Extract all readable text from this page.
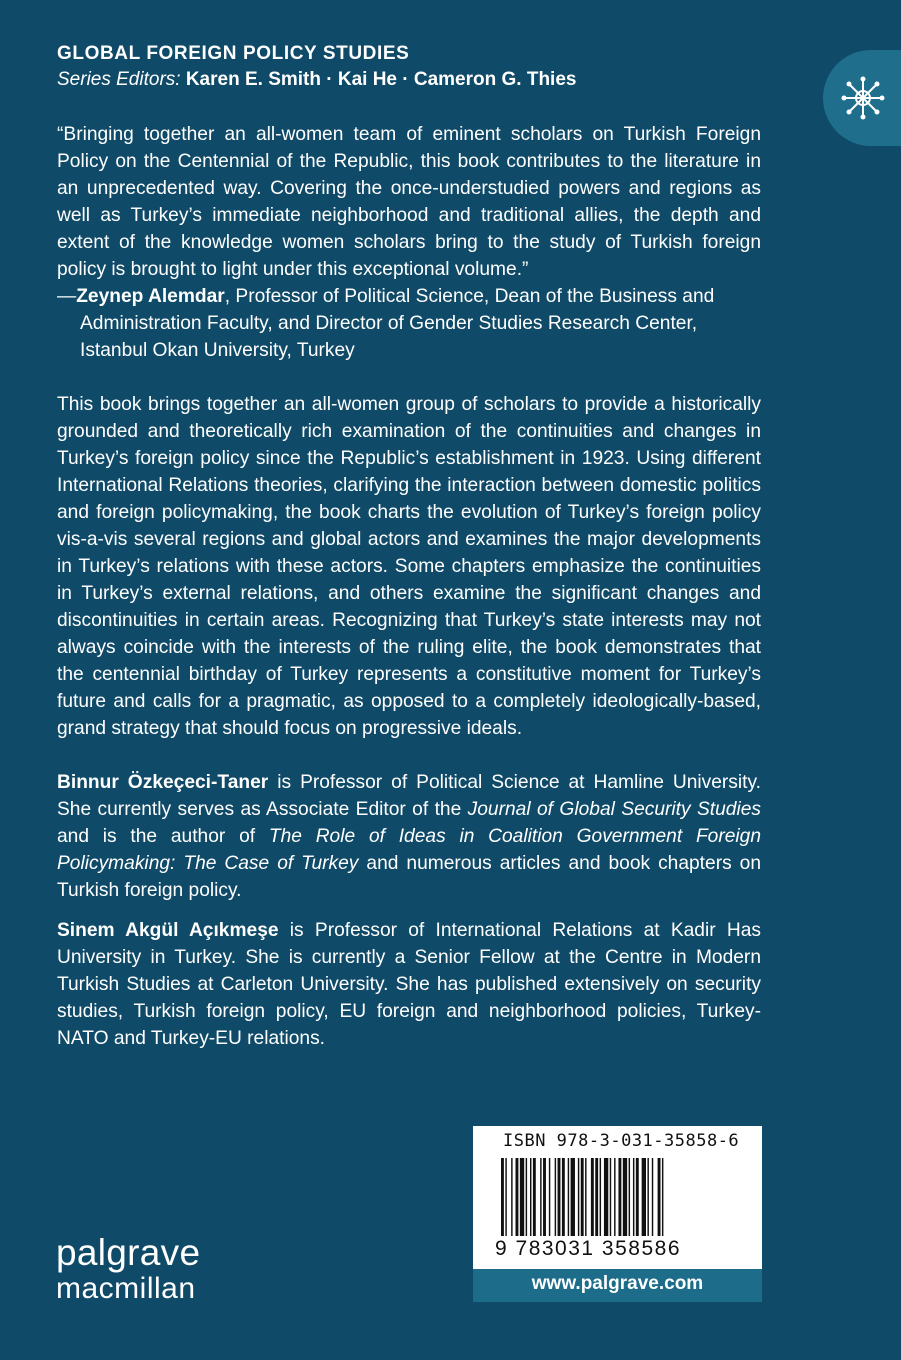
GLOBAL FOREIGN POLICY STUDIES
Series Editors: Karen E. Smith · Kai He · Cameron G. Thies

“Bringing together an all-women team of eminent scholars on Turkish Foreign Policy on the Centennial of the Republic, this book contributes to the literature in an unprecedented way. Covering the once-understudied powers and regions as well as Turkey’s immediate neighborhood and traditional allies, the depth and extent of the knowledge women scholars bring to the study of Turkish foreign policy is brought to light under this exceptional volume.”

—Zeynep Alemdar, Professor of Political Science, Dean of the Business and
Administration Faculty, and Director of Gender Studies Research Center,
Istanbul Okan University, Turkey

This book brings together an all-women group of scholars to provide a historically grounded and theoretically rich examination of the continuities and changes in Turkey’s foreign policy since the Republic’s establishment in 1923. Using different International Relations theories, clarifying the interaction between domestic politics and foreign policymaking, the book charts the evolution of Turkey’s foreign policy vis-a-vis several regions and global actors and examines the major developments in Turkey’s relations with these actors. Some chapters emphasize the continuities in Turkey’s external relations, and others examine the significant changes and discontinuities in certain areas. Recognizing that Turkey’s state interests may not always coincide with the interests of the ruling elite, the book demonstrates that the centennial birthday of Turkey represents a constitutive moment for Turkey’s future and calls for a pragmatic, as opposed to a completely ideologically-based, grand strategy that should focus on progressive ideals.

Binnur Özkeçeci-Taner is Professor of Political Science at Hamline University. She currently serves as Associate Editor of the Journal of Global Security Studies and is the author of The Role of Ideas in Coalition Government Foreign Policymaking: The Case of Turkey and numerous articles and book chapters on Turkish foreign policy.

Sinem Akgül Açıkmeşe is Professor of International Relations at Kadir Has University in Turkey. She is currently a Senior Fellow at the Centre in Modern Turkish Studies at Carleton University. She has published extensively on security studies, Turkish foreign policy, EU foreign and neighborhood policies, Turkey-NATO and Turkey-EU relations.

ISBN 978-3-031-35858-6
9 783031 358586
www.palgrave.com
palgrave
macmillan
